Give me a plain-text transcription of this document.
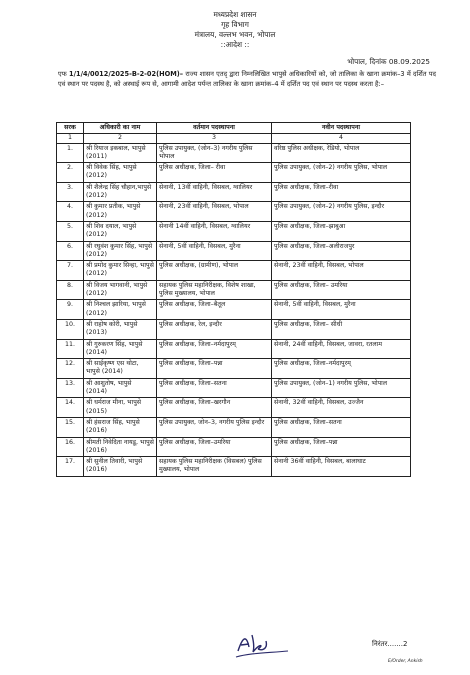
मध्यप्रदेश शासन
गृह विभाग
मंत्रालय, वल्लभ भवन, भोपाल
::आदेश ::
भोपाल, दिनांक 08.09.2025
एफ 1/1/4/0012/2025-B-2-02(HOM)– राज्य शासन एतद् द्वारा निम्नलिखित भापुसे अधिकारियों को, जो तालिका के खाना क्रमांक–3 में दर्शित पद एवं स्थान पर पदस्थ है, को अस्थाई रूप से, आगामी आदेश पर्यन्त तालिका के खाना क्रमांक–4 में दर्शित पद एवं स्थान पर पदस्थ करता है:–
सरक	अधिकारी का नाम	वर्तमान पदस्थापना	नवीन पदस्थापना
1	2	3	4
1.	श्री रियाज इकबाल, भापुसे (2011)	पुलिस उपायुक्त, (जोन–3) नगरीय पुलिस भोपाल	वरिष्ठ पुलिस अधीक्षक, रेडियो, भोपाल
2.	श्री विवेक सिंह, भापुसे (2012)	पुलिस अधीक्षक, जिला– रीवा	पुलिस उपायुक्त, (जोन–2) नगरीय पुलिस, भोपाल
3.	श्री शैलेन्द्र सिंह चौहान,भापुसे (2012)	सेनानी, 13वीं वाहिनी, विसबल, ग्वालियर	पुलिस अधीक्षक, जिला–रीवा
4.	श्री कुमार प्रतीक, भापुसे (2012)	सेनानी, 23वीं वाहिनी, विसबल, भोपाल	पुलिस उपायुक्त, (जोन–2) नगरीय पुलिस, इन्दौर
5.	श्री शिव दयाल, भापुसे (2012)	सेनानी 14वीं वाहिनी, विसबल, ग्वालियर	पुलिस अधीक्षक, जिला–झाबुआ
6.	श्री रघुवंश कुमार सिंह, भापुसे (2012)	सेनानी, 5वीं वाहिनी, विसबल, मुरैना	पुलिस अधीक्षक, जिला–अलीराजपुर
7.	श्री प्रमोद कुमार सिन्हा, भापुसे (2012)	पुलिस अधीक्षक, (ग्रामीण), भोपाल	सेनानी, 23वीं वाहिनी, विसबल, भोपाल
8.	श्री विजय भागवानी, भापुसे (2012)	सहायक पुलिस महानिरीक्षक, विशेष शाखा, पुलिस मुख्यालय, भोपाल	पुलिस अधीक्षक, जिला– उमरिया
9.	श्री निश्चल झारिया, भापुसे (2012)	पुलिस अधीक्षक, जिला–बैतूल	सेनानी, 5वीं वाहिनी, विसबल, मुरैना
10.	श्री राहोष कोरी, भापुसे (2013)	पुलिस अधीक्षक, रेल, इन्दौर	पुलिस अधीक्षक, जिला– सीधी
11.	श्री गुरुकरण सिंह, भापुसे (2014)	पुलिस अधीक्षक, जिला–नर्मदापुरम्	सेनानी, 24वीं वाहिनी, विसबल, जावरा, रतलाम
12.	श्री साईकृष्ण एस थोटा, भापुसे (2014)	पुलिस अधीक्षक, जिला–पन्ना	पुलिस अधीक्षक, जिला–नर्मदापुरम्
13.	श्री आशुतोष, भापुसे (2014)	पुलिस अधीक्षक, जिला–सतना	पुलिस उपायुक्त, (जोन–1) नगरीय पुलिस, भोपाल
14.	श्री धर्मराज मीना, भापुसे (2015)	पुलिस अधीक्षक, जिला–खरगौन	सेनानी, 32वीं वाहिनी, विसबल, उज्जैन
15.	श्री हंसराज सिंह, भापुसे (2016)	पुलिस उपायुक्त, जोन–3, नगरीय पुलिस इन्दौर	पुलिस अधीक्षक, जिला–सतना
16.	श्रीमती निवेदिता नायडू, भापुसे (2016)	पुलिस अधीक्षक, जिला–उमरिया	पुलिस अधीक्षक, जिला–पन्ना
17.	श्री सुनील तिवारी, भापुसे (2016)	सहायक पुलिस महानिरीक्षक (विसबल) पुलिस मुख्यालय, भोपाल	सेनानी 36वीं वाहिनी, विसबल, बालाघाट
निरंतर.......2
E/Order, Ankish
